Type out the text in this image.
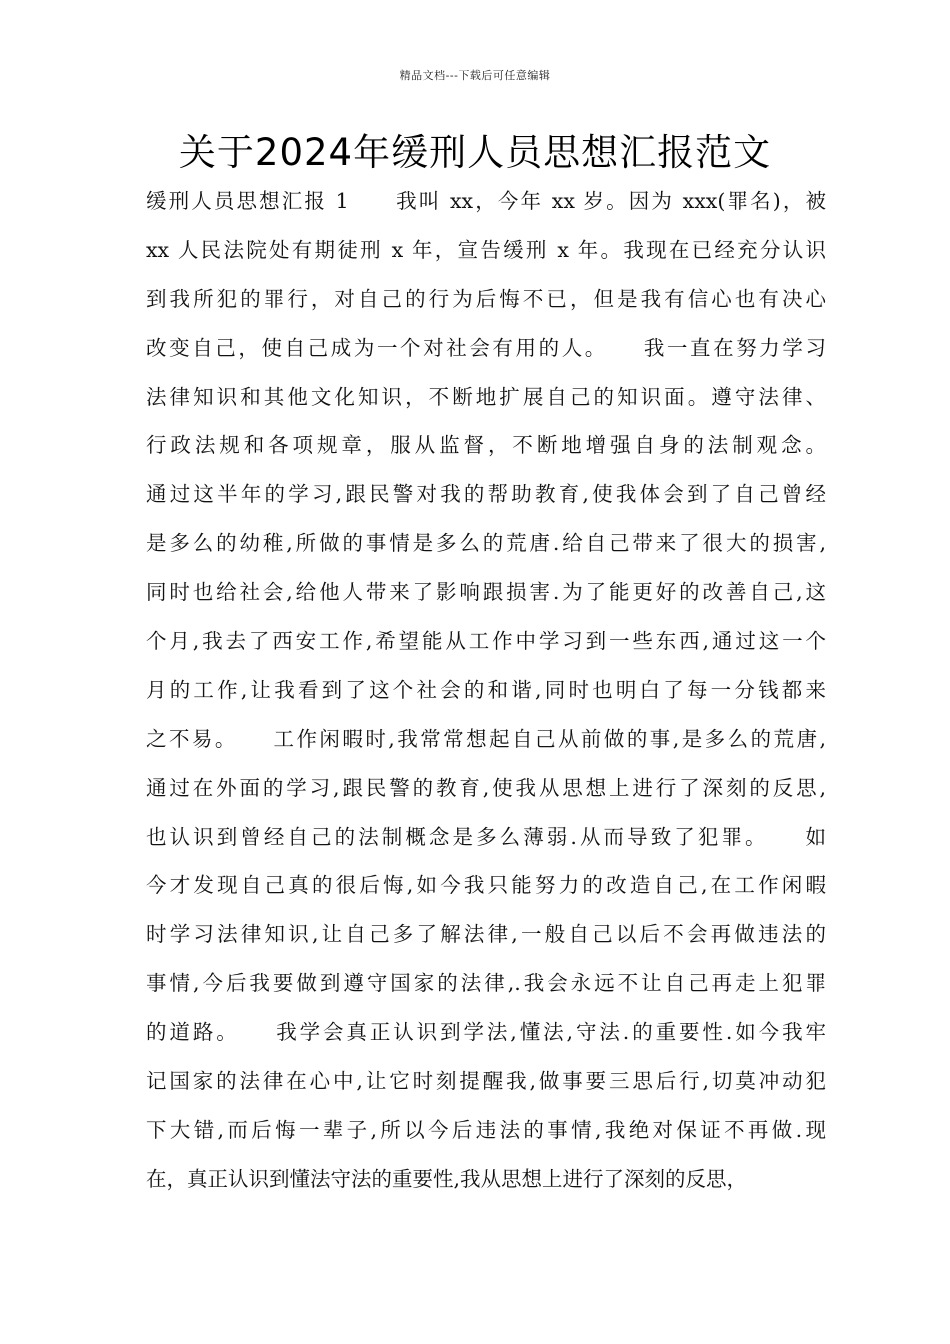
精品文档---下载后可任意编辑
关于2024年缓刑人员思想汇报范文
缓刑人员思想汇报 1　　我叫 xx，今年 xx 岁。因为 xxx(罪名)，被
xx 人民法院处有期徒刑 x 年，宣告缓刑 x 年。我现在已经充分认识
到我所犯的罪行，对自己的行为后悔不已，但是我有信心也有决心
改变自己，使自己成为一个对社会有用的人。　　我一直在努力学习
法律知识和其他文化知识，不断地扩展自己的知识面。遵守法律、
行政法规和各项规章，服从监督，不断地增强自身的法制观念。
通过这半年的学习,跟民警对我的帮助教育,使我体会到了自己曾经
是多么的幼稚,所做的事情是多么的荒唐.给自己带来了很大的损害,
同时也给社会,给他人带来了影响跟损害.为了能更好的改善自己,这
个月,我去了西安工作,希望能从工作中学习到一些东西,通过这一个
月的工作,让我看到了这个社会的和谐,同时也明白了每一分钱都来
之不易。　　工作闲暇时,我常常想起自己从前做的事,是多么的荒唐,
通过在外面的学习,跟民警的教育,使我从思想上进行了深刻的反思,
也认识到曾经自己的法制概念是多么薄弱.从而导致了犯罪。　　如
今才发现自己真的很后悔,如今我只能努力的改造自己,在工作闲暇
时学习法律知识,让自己多了解法律,一般自己以后不会再做违法的
事情,今后我要做到遵守国家的法律,.我会永远不让自己再走上犯罪
的道路。　　我学会真正认识到学法,懂法,守法.的重要性.如今我牢
记国家的法律在心中,让它时刻提醒我,做事要三思后行,切莫冲动犯
下大错,而后悔一辈子,所以今后违法的事情,我绝对保证不再做.现
在，真正认识到懂法守法的重要性,我从思想上进行了深刻的反思，
